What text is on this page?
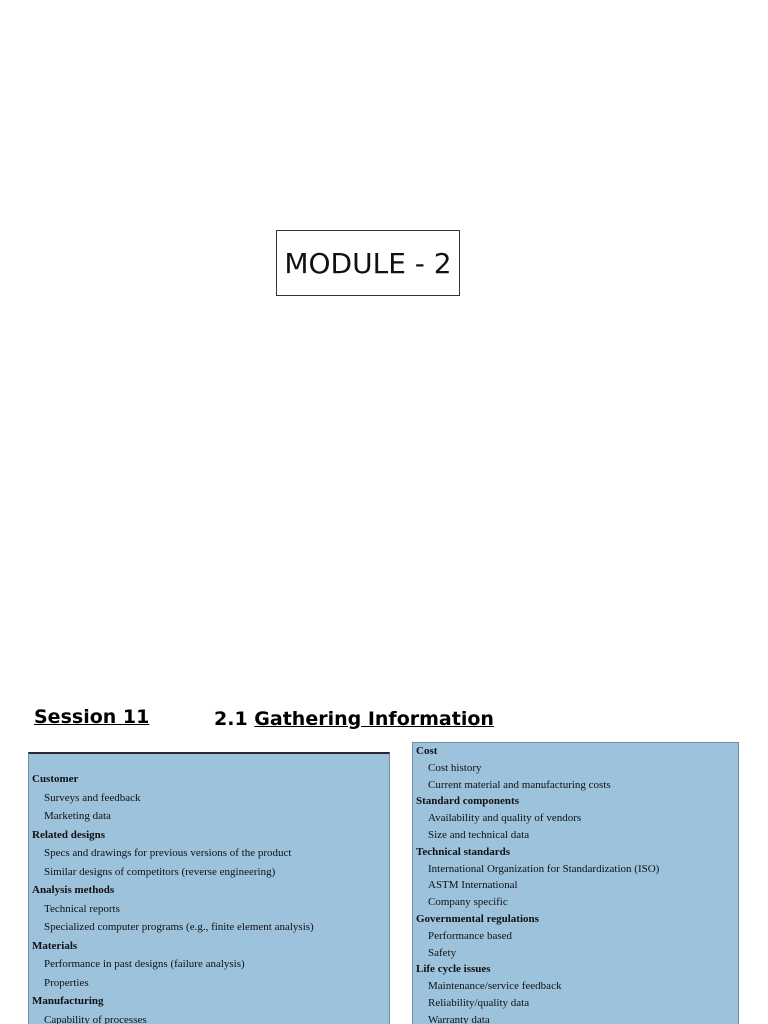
MODULE - 2
Session 11	2.1 Gathering Information
Customer
Surveys and feedback
Marketing data
Related designs
Specs and drawings for previous versions of the product
Similar designs of competitors (reverse engineering)
Analysis methods
Technical reports
Specialized computer programs (e.g., finite element analysis)
Materials
Performance in past designs (failure analysis)
Properties
Manufacturing
Capability of processes
Cost
Cost history
Current material and manufacturing costs
Standard components
Availability and quality of vendors
Size and technical data
Technical standards
International Organization for Standardization (ISO)
ASTM International
Company specific
Governmental regulations
Performance based
Safety
Life cycle issues
Maintenance/service feedback
Reliability/quality data
Warranty data
